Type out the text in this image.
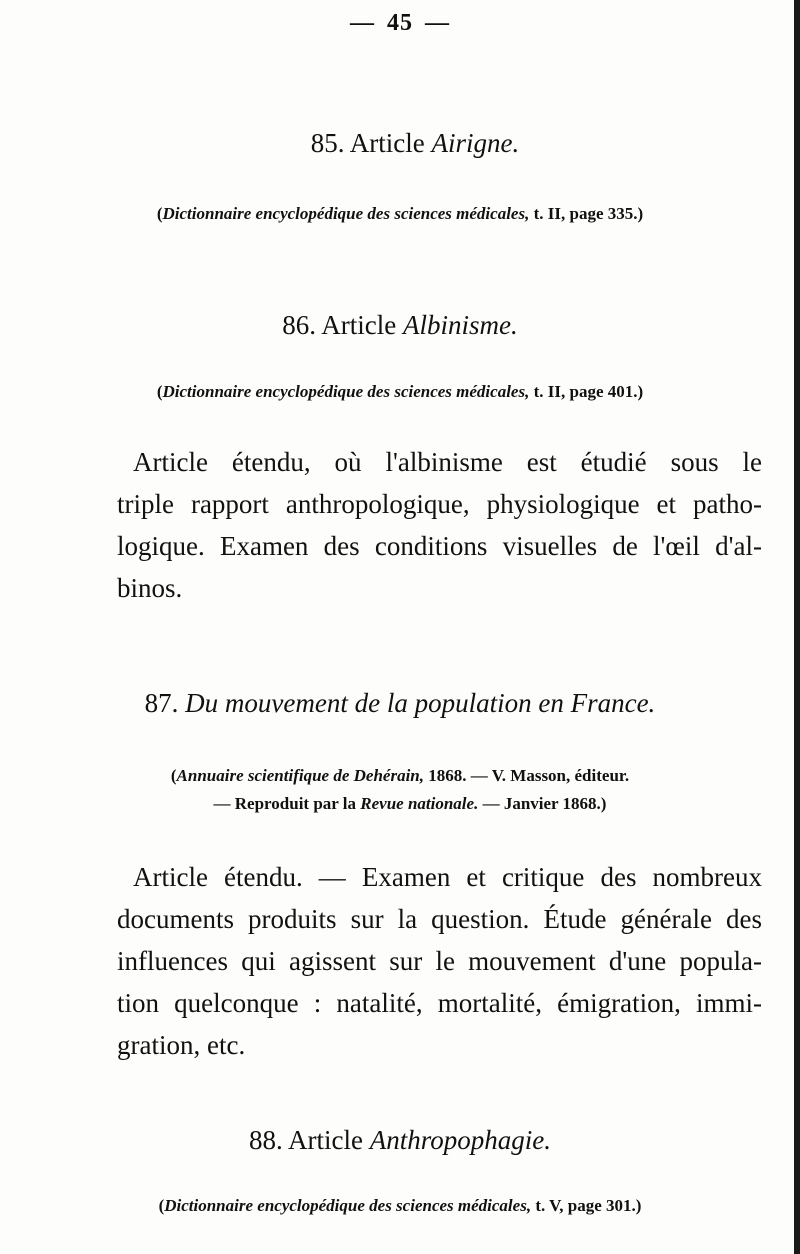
— 45 —
85. Article Airigne.
(Dictionnaire encyclopédique des sciences médicales, t. II, page 335.)
86. Article Albinisme.
(Dictionnaire encyclopédique des sciences médicales, t. II, page 401.)
Article étendu, où l'albinisme est étudié sous le
triple rapport anthropologique, physiologique et patho-
logique. Examen des conditions visuelles de l'œil d'al-
binos.
87. Du mouvement de la population en France.
(Annuaire scientifique de Dehérain, 1868. — V. Masson, éditeur.
— Reproduit par la Revue nationale. — Janvier 1868.)
Article étendu. — Examen et critique des nombreux
documents produits sur la question. Étude générale des
influences qui agissent sur le mouvement d'une popula-
tion quelconque : natalité, mortalité, émigration, immi-
gration, etc.
88. Article Anthropophagie.
(Dictionnaire encyclopédique des sciences médicales, t. V, page 301.)
